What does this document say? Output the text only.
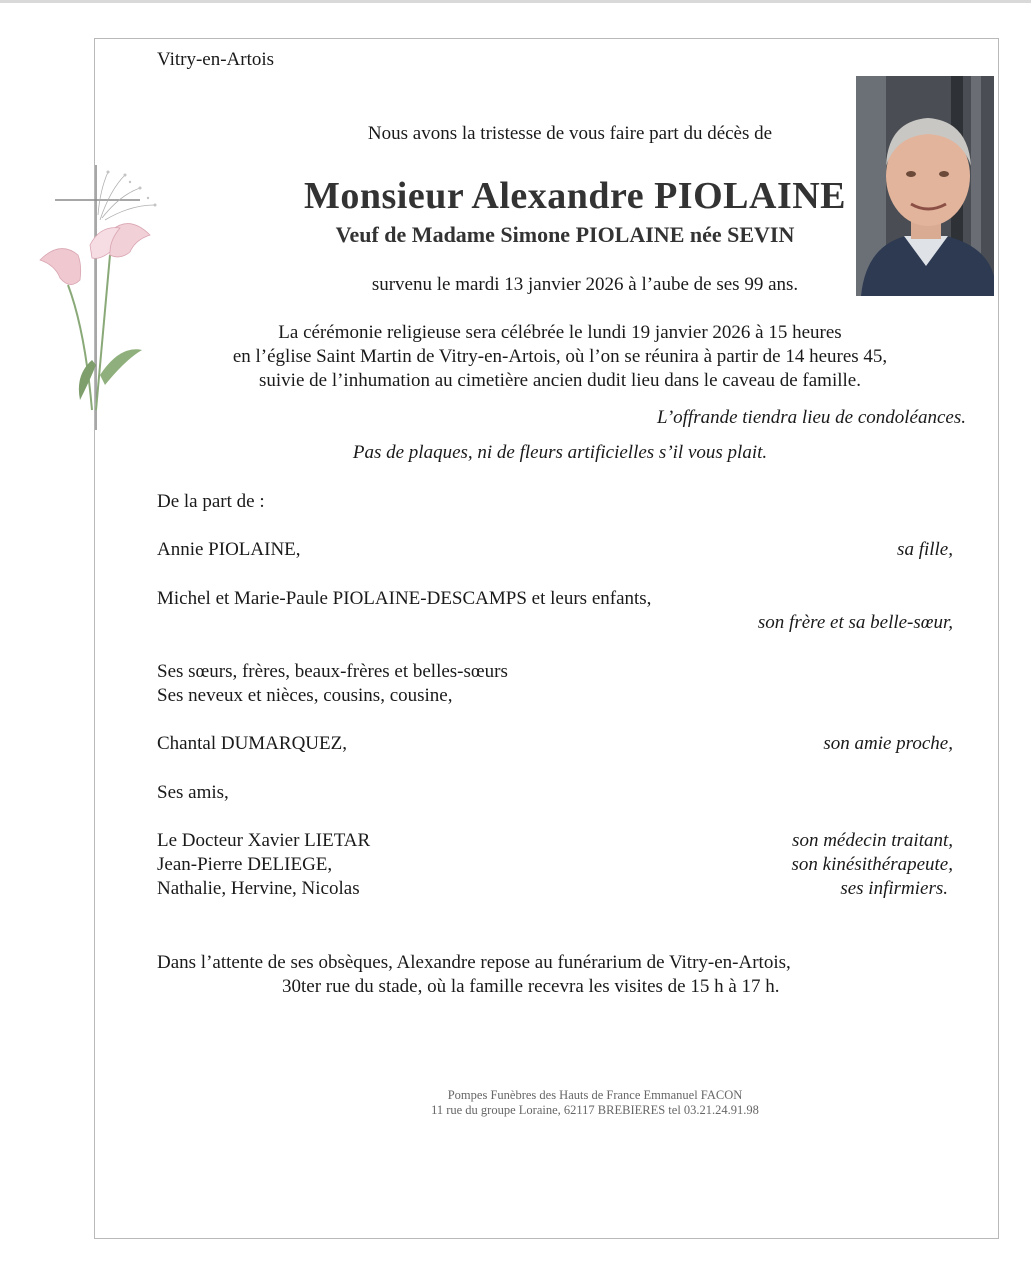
Vitry-en-Artois
Nous avons la tristesse de vous faire part du décès de
Monsieur Alexandre PIOLAINE
Veuf de Madame Simone PIOLAINE née SEVIN
survenu le mardi 13 janvier 2026 à l’aube de ses 99 ans.
La cérémonie religieuse sera célébrée le lundi 19 janvier 2026 à 15 heures
en l’église Saint Martin de Vitry-en-Artois, où l’on se réunira à partir de 14 heures 45,
suivie de l’inhumation au cimetière ancien dudit lieu dans le caveau de famille.
L’offrande tiendra lieu de condoléances.
Pas de plaques, ni de fleurs artificielles s’il vous plait.
De la part de :
Annie PIOLAINE,	sa fille,
Michel et Marie-Paule PIOLAINE-DESCAMPS et leurs enfants,
son frère et sa belle-sœur,
Ses sœurs, frères, beaux-frères et belles-sœurs
Ses neveux et nièces, cousins, cousine,
Chantal DUMARQUEZ,	son amie proche,
Ses amis,
Le Docteur Xavier LIETAR	son médecin traitant,
Jean-Pierre DELIEGE,	son kinésithérapeute,
Nathalie, Hervine, Nicolas	ses infirmiers.
Dans l’attente de ses obsèques, Alexandre repose au funérarium de Vitry-en-Artois,
30ter rue du stade, où la famille recevra les visites de 15 h à 17 h.
Pompes Funèbres des Hauts de France Emmanuel FACON
11 rue du groupe Loraine, 62117 BREBIERES tel 03.21.24.91.98
